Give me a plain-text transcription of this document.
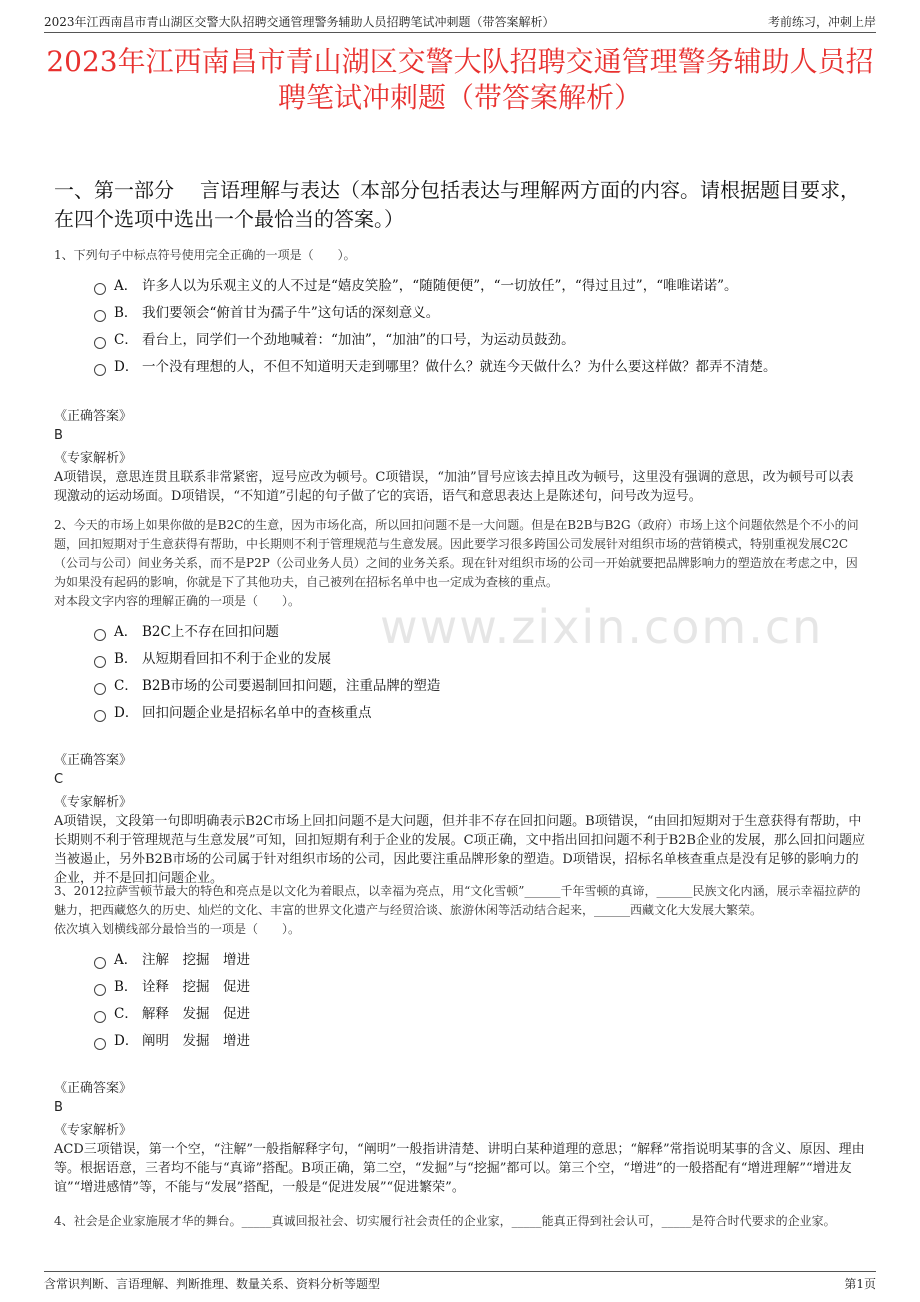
2023年江西南昌市青山湖区交警大队招聘交通管理警务辅助人员招聘笔试冲刺题（带答案解析）	考前练习，冲刺上岸
2023年江西南昌市青山湖区交警大队招聘交通管理警务辅助人员招聘笔试冲刺题（带答案解析）
一、第一部分 言语理解与表达（本部分包括表达与理解两方面的内容。请根据题目要求，在四个选项中选出一个最恰当的答案。）
www.zixin.com.cn

1、下列句子中标点符号使用完全正确的一项是（　　）。

A． 许多人以为乐观主义的人不过是“嬉皮笑脸”，“随随便便”，“一切放任”，“得过且过”，“唯唯诺诺”。
B． 我们要领会“俯首甘为孺子牛”这句话的深刻意义。
C． 看台上，同学们一个劲地喊着：“加油”，“加油”的口号，为运动员鼓劲。
D． 一个没有理想的人，不但不知道明天走到哪里？做什么？就连今天做什么？为什么要这样做？都弄不清楚。

《正确答案》

B

《专家解析》

A项错误，意思连贯且联系非常紧密，逗号应改为顿号。C项错误，“加油”冒号应该去掉且改为顿号，这里没有强调的意思，改为顿号可以表现激动的运动场面。D项错误，“不知道”引起的句子做了它的宾语，语气和意思表达上是陈述句，问号改为逗号。

2、今天的市场上如果你做的是B2C的生意，因为市场化高，所以回扣问题不是一大问题。但是在B2B与B2G（政府）市场上这个问题依然是个不小的问题，回扣短期对于生意获得有帮助，中长期则不利于管理规范与生意发展。因此要学习很多跨国公司发展针对组织市场的营销模式，特别重视发展C2C（公司与公司）间业务关系，而不是P2P（公司业务人员）之间的业务关系。现在针对组织市场的公司一开始就要把品牌影响力的塑造放在考虑之中，因为如果没有起码的影响，你就是下了其他功夫，自己被列在招标名单中也一定成为查核的重点。

对本段文字内容的理解正确的一项是（　　）。

A． B2C上不存在回扣问题
B． 从短期看回扣不利于企业的发展
C． B2B市场的公司要遏制回扣问题，注重品牌的塑造
D． 回扣问题企业是招标名单中的查核重点

《正确答案》

C

《专家解析》

A项错误，文段第一句即明确表示B2C市场上回扣问题不是大问题，但并非不存在回扣问题。B项错误，“由回扣短期对于生意获得有帮助，中长期则不利于管理规范与生意发展”可知，回扣短期有利于企业的发展。C项正确，文中指出回扣问题不利于B2B企业的发展，那么回扣问题应当被遏止，另外B2B市场的公司属于针对组织市场的公司，因此要注重品牌形象的塑造。D项错误，招标名单核查重点是没有足够的影响力的企业，并不是回扣问题企业。

3、2012拉萨雪顿节最大的特色和亮点是以文化为着眼点，以幸福为亮点，用“文化雪顿”______千年雪顿的真谛，______民族文化内涵，展示幸福拉萨的魅力，把西藏悠久的历史、灿烂的文化、丰富的世界文化遗产与经贸洽谈、旅游休闲等活动结合起来，______西藏文化大发展大繁荣。

依次填入划横线部分最恰当的一项是（　　）。

A． 注解　挖掘　增进
B． 诠释　挖掘　促进
C． 解释　发掘　促进
D． 阐明　发掘　增进

《正确答案》

B

《专家解析》

ACD三项错误，第一个空，“注解”一般指解释字句，“阐明”一般指讲清楚、讲明白某种道理的意思；“解释”常指说明某事的含义、原因、理由等。根据语意，三者均不能与“真谛”搭配。B项正确，第二空，“发掘”与“挖掘”都可以。第三个空，“增进”的一般搭配有“增进理解”“增进友谊”“增进感情”等，不能与“发展”搭配，一般是“促进发展”“促进繁荣”。

4、社会是企业家施展才华的舞台。_____真诚回报社会、切实履行社会责任的企业家，_____能真正得到社会认可，_____是符合时代要求的企业家。

含常识判断、言语理解、判断推理、数量关系、资料分析等题型	第1页
